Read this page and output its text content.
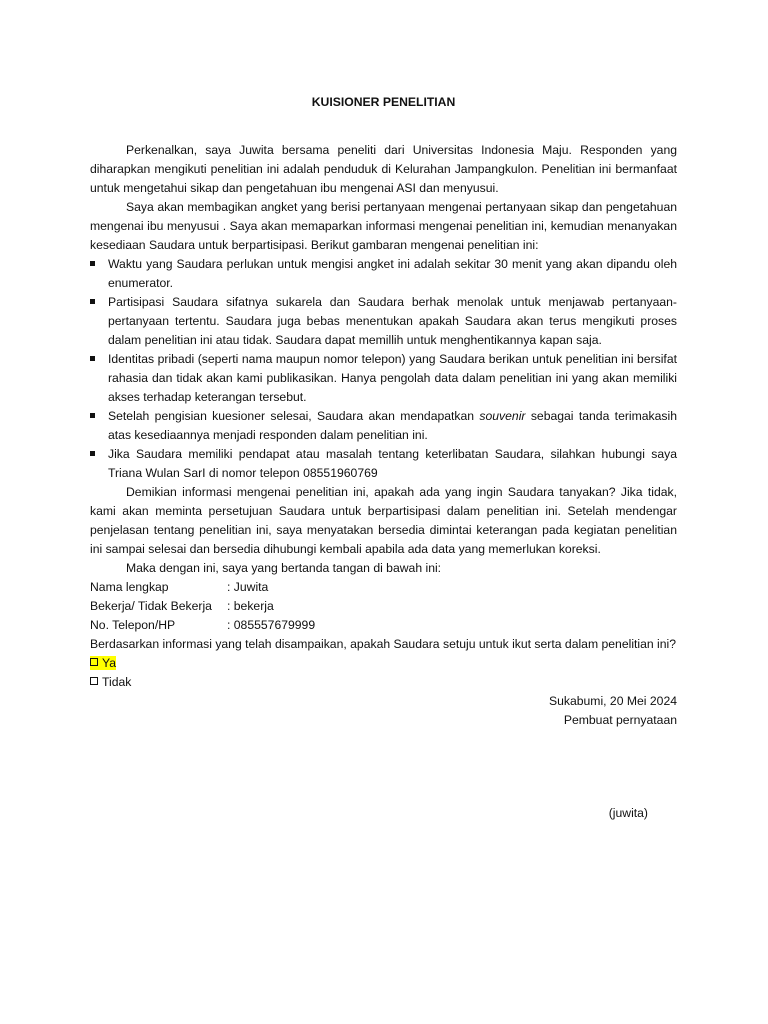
KUISIONER PENELITIAN

Perkenalkan, saya Juwita bersama peneliti dari Universitas Indonesia Maju. Responden yang diharapkan mengikuti penelitian ini adalah penduduk di Kelurahan Jampangkulon. Penelitian ini bermanfaat untuk mengetahui sikap dan pengetahuan ibu mengenai ASI dan menyusui.

Saya akan membagikan angket yang berisi pertanyaan mengenai pertanyaan sikap dan pengetahuan mengenai ibu menyusui . Saya akan memaparkan informasi mengenai penelitian ini, kemudian menanyakan kesediaan Saudara untuk berpartisipasi. Berikut gambaran mengenai penelitian ini:

Waktu yang Saudara perlukan untuk mengisi angket ini adalah sekitar 30 menit yang akan dipandu oleh enumerator.
Partisipasi Saudara sifatnya sukarela dan Saudara berhak menolak untuk menjawab pertanyaan-pertanyaan tertentu. Saudara juga bebas menentukan apakah Saudara akan terus mengikuti proses dalam penelitian ini atau tidak. Saudara dapat memillih untuk menghentikannya kapan saja.
Identitas pribadi (seperti nama maupun nomor telepon) yang Saudara berikan untuk penelitian ini bersifat rahasia dan tidak akan kami publikasikan. Hanya pengolah data dalam penelitian ini yang akan memiliki akses terhadap keterangan tersebut.
Setelah pengisian kuesioner selesai, Saudara akan mendapatkan souvenir sebagai tanda terimakasih atas kesediaannya menjadi responden dalam penelitian ini.
Jika Saudara memiliki pendapat atau masalah tentang keterlibatan Saudara, silahkan hubungi saya Triana Wulan SarI di nomor telepon 08551960769

Demikian informasi mengenai penelitian ini, apakah ada yang ingin Saudara tanyakan? Jika tidak, kami akan meminta persetujuan Saudara untuk berpartisipasi dalam penelitian ini. Setelah mendengar penjelasan tentang penelitian ini, saya menyatakan bersedia dimintai keterangan pada kegiatan penelitian ini sampai selesai dan bersedia dihubungi kembali apabila ada data yang memerlukan koreksi.

Maka dengan ini, saya yang bertanda tangan di bawah ini:

Nama lengkap	: Juwita

Bekerja/ Tidak Bekerja	: bekerja

No. Telepon/HP	: 085557679999

Berdasarkan informasi yang telah disampaikan, apakah Saudara setuju untuk ikut serta dalam penelitian ini?

Ya

Tidak

Sukabumi, 20 Mei 2024

Pembuat pernyataan

(juwita)
